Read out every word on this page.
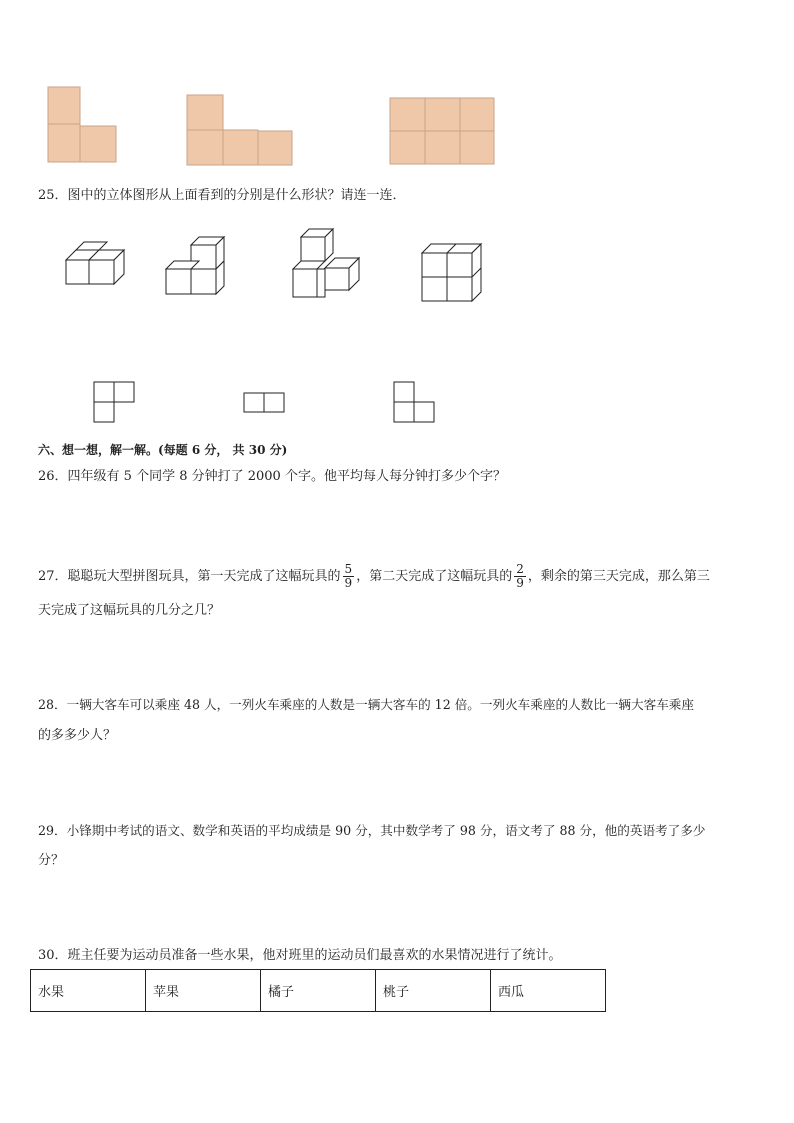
25．图中的立体图形从上面看到的分别是什么形状？请连一连．
六、想一想，解一解。(每题 6 分， 共 30 分)
26．四年级有 5 个同学 8 分钟打了 2000 个字。他平均每人每分钟打多少个字？
27．聪聪玩大型拼图玩具，第一天完成了这幅玩具的 $\frac{5}{9}$ ，第二天完成了这幅玩具的 $\frac{2}{9}$ ，剩余的第三天完成，那么第三
天完成了这幅玩具的几分之几？
28．一辆大客车可以乘座 48 人，一列火车乘座的人数是一辆大客车的 12 倍。一列火车乘座的人数比一辆大客车乘座
的多多少人？
29．小锋期中考试的语文、数学和英语的平均成绩是 90 分，其中数学考了 98 分，语文考了 88 分，他的英语考了多少
分？
30．班主任要为运动员准备一些水果，他对班里的运动员们最喜欢的水果情况进行了统计。
水果	苹果	橘子	桃子	西瓜
